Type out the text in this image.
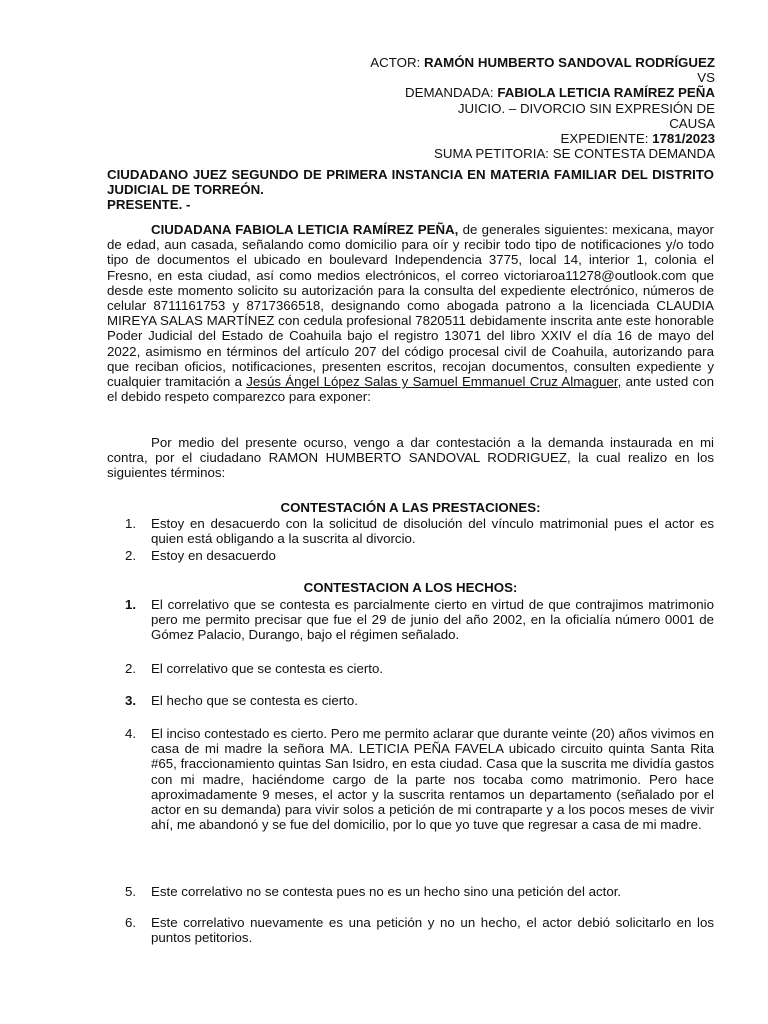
ACTOR: RAMÓN HUMBERTO SANDOVAL RODRÍGUEZ
VS
DEMANDADA: FABIOLA LETICIA RAMÍREZ PEÑA
JUICIO. – DIVORCIO SIN EXPRESIÓN DE
CAUSA
EXPEDIENTE: 1781/2023
SUMA PETITORIA: SE CONTESTA DEMANDA
CIUDADANO JUEZ SEGUNDO DE PRIMERA INSTANCIA EN MATERIA FAMILIAR DEL DISTRITO JUDICIAL DE TORREÓN.
PRESENTE. -
CIUDADANA FABIOLA LETICIA RAMÍREZ PEÑA, de generales siguientes: mexicana, mayor de edad, aun casada, señalando como domicilio para oír y recibir todo tipo de notificaciones y/o todo tipo de documentos el ubicado en boulevard Independencia 3775, local 14, interior 1, colonia el Fresno, en esta ciudad, así como medios electrónicos, el correo victoriaroa11278@outlook.com que desde este momento solicito su autorización para la consulta del expediente electrónico, números de celular 8711161753 y 8717366518, designando como abogada patrono a la licenciada CLAUDIA MIREYA SALAS MARTÍNEZ con cedula profesional 7820511 debidamente inscrita ante este honorable Poder Judicial del Estado de Coahuila bajo el registro 13071 del libro XXIV el día 16 de mayo del 2022, asimismo en términos del artículo 207 del código procesal civil de Coahuila, autorizando para que reciban oficios, notificaciones, presenten escritos, recojan documentos, consulten expediente y cualquier tramitación a Jesús Ángel López Salas y Samuel Emmanuel Cruz Almaguer, ante usted con el debido respeto comparezco para exponer:
Por medio del presente ocurso, vengo a dar contestación a la demanda instaurada en mi contra, por el ciudadano RAMON HUMBERTO SANDOVAL RODRIGUEZ, la cual realizo en los siguientes términos:
CONTESTACIÓN A LAS PRESTACIONES:
1.	Estoy en desacuerdo con la solicitud de disolución del vínculo matrimonial pues el actor es quien está obligando a la suscrita al divorcio.
2.	Estoy en desacuerdo
CONTESTACION A LOS HECHOS:
1.	El correlativo que se contesta es parcialmente cierto en virtud de que contrajimos matrimonio pero me permito precisar que fue el 29 de junio del año 2002, en la oficialía número 0001 de Gómez Palacio, Durango, bajo el régimen señalado.
2.	El correlativo que se contesta es cierto.
3.	El hecho que se contesta es cierto.
4.	El inciso contestado es cierto. Pero me permito aclarar que durante veinte (20) años vivimos en casa de mi madre la señora MA. LETICIA PEÑA FAVELA ubicado circuito quinta Santa Rita #65, fraccionamiento quintas San Isidro, en esta ciudad. Casa que la suscrita me dividía gastos con mi madre, haciéndome cargo de la parte nos tocaba como matrimonio. Pero hace aproximadamente 9 meses, el actor y la suscrita rentamos un departamento (señalado por el actor en su demanda) para vivir solos a petición de mi contraparte y a los pocos meses de vivir ahí, me abandonó y se fue del domicilio, por lo que yo tuve que regresar a casa de mi madre.
5.	Este correlativo no se contesta pues no es un hecho sino una petición del actor.
6.	Este correlativo nuevamente es una petición y no un hecho, el actor debió solicitarlo en los puntos petitorios.
